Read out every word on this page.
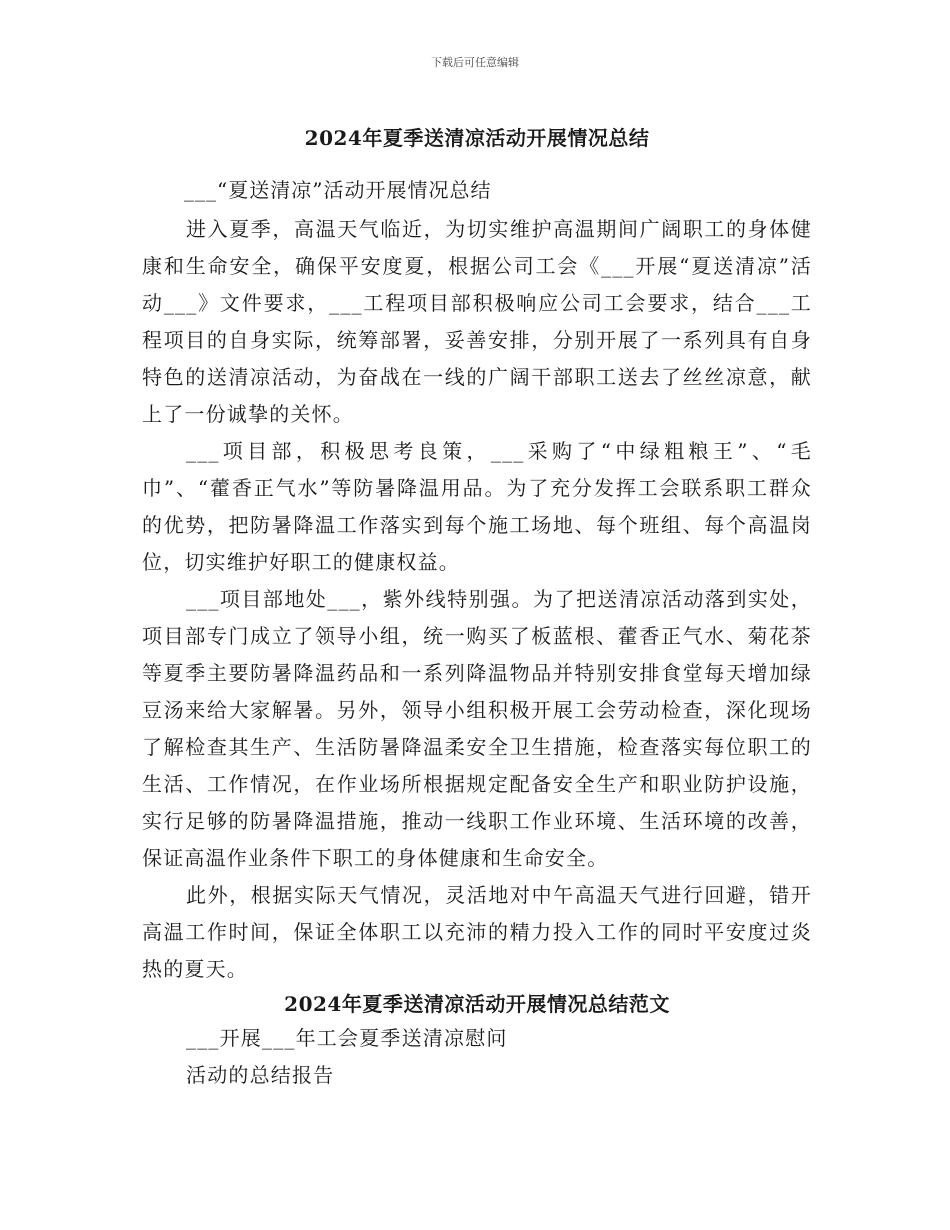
下载后可任意编辑
2024年夏季送清凉活动开展情况总结

___“夏送清凉”活动开展情况总结

进入夏季，高温天气临近，为切实维护高温期间广阔职工的身体健康和生命安全，确保平安度夏，根据公司工会《___开展“夏送清凉”活动___》文件要求，___工程项目部积极响应公司工会要求，结合___工程项目的自身实际，统筹部署，妥善安排，分别开展了一系列具有自身特色的送清凉活动，为奋战在一线的广阔干部职工送去了丝丝凉意，献上了一份诚挚的关怀。

___项目部，积极思考良策，___采购了“中绿粗粮王”、“毛巾”、“藿香正气水”等防暑降温用品。为了充分发挥工会联系职工群众的优势，把防暑降温工作落实到每个施工场地、每个班组、每个高温岗位，切实维护好职工的健康权益。

___项目部地处___，紫外线特别强。为了把送清凉活动落到实处，项目部专门成立了领导小组，统一购买了板蓝根、藿香正气水、菊花茶等夏季主要防暑降温药品和一系列降温物品并特别安排食堂每天增加绿豆汤来给大家解暑。另外，领导小组积极开展工会劳动检查，深化现场了解检查其生产、生活防暑降温柔安全卫生措施，检查落实每位职工的生活、工作情况，在作业场所根据规定配备安全生产和职业防护设施，实行足够的防暑降温措施，推动一线职工作业环境、生活环境的改善，保证高温作业条件下职工的身体健康和生命安全。

此外，根据实际天气情况，灵活地对中午高温天气进行回避，错开高温工作时间，保证全体职工以充沛的精力投入工作的同时平安度过炎热的夏天。

2024年夏季送清凉活动开展情况总结范文

___开展___年工会夏季送清凉慰问

活动的总结报告
